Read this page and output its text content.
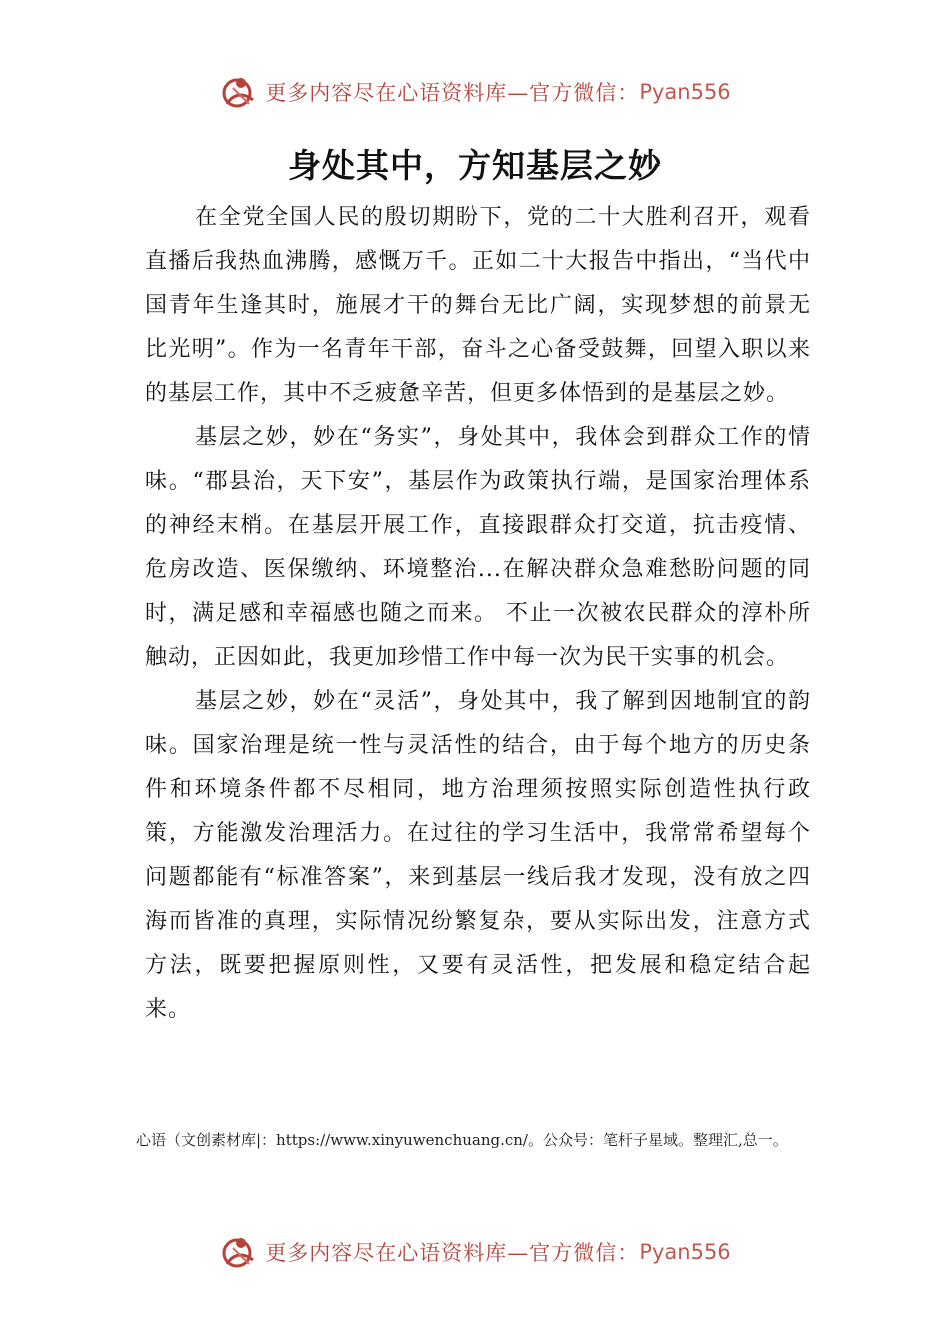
更多内容尽在心语资料库—官方微信： Pyan556
身处其中，方知基层之妙

在全党全国人民的殷切期盼下，党的二十大胜利召开，观看直播后我热血沸腾，感慨万千。正如二十大报告中指出，“当代中国青年生逢其时，施展才干的舞台无比广阔，实现梦想的前景无比光明”。作为一名青年干部，奋斗之心备受鼓舞，回望入职以来的基层工作，其中不乏疲惫辛苦，但更多体悟到的是基层之妙。

基层之妙，妙在“务实”，身处其中，我体会到群众工作的情味。“郡县治，天下安”，基层作为政策执行端，是国家治理体系的神经末梢。在基层开展工作，直接跟群众打交道，抗击疫情、危房改造、医保缴纳、环境整治...在解决群众急难愁盼问题的同时，满足感和幸福感也随之而来。 不止一次被农民群众的淳朴所触动，正因如此，我更加珍惜工作中每一次为民干实事的机会。

基层之妙，妙在“灵活”，身处其中，我了解到因地制宜的韵味。国家治理是统一性与灵活性的结合，由于每个地方的历史条件和环境条件都不尽相同，地方治理须按照实际创造性执行政策，方能激发治理活力。在过往的学习生活中，我常常希望每个问题都能有“标准答案”，来到基层一线后我才发现，没有放之四海而皆准的真理，实际情况纷繁复杂，要从实际出发，注意方式方法，既要把握原则性，又要有灵活性，把发展和稳定结合起来。

心语（文创素材库|：https://www.xinyuwenchuang.cn/。公众号：笔杆子星域。整理汇,总一。
更多内容尽在心语资料库—官方微信： Pyan556
